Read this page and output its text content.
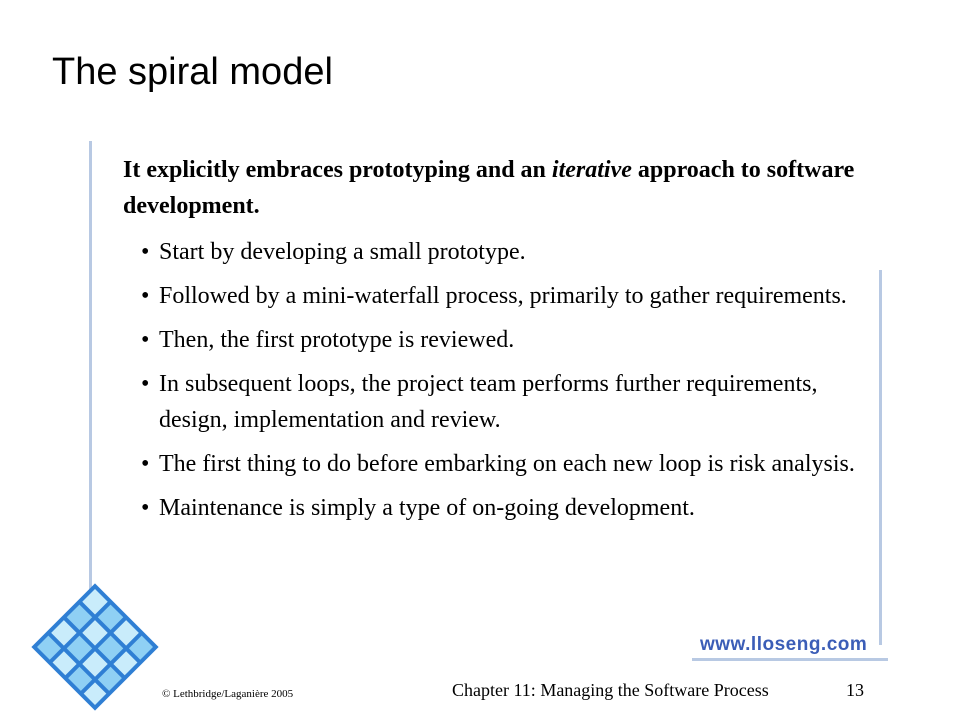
The spiral model

It explicitly embraces prototyping and an iterative approach to software development.

• Start by developing a small prototype.
• Followed by a mini-waterfall process, primarily to gather requirements.
• Then, the first prototype is reviewed.
• In subsequent loops, the project team performs further requirements, design, implementation and review.
• The first thing to do before embarking on each new loop is risk analysis.
• Maintenance is simply a type of on-going development.
www.lloseng.com
© Lethbridge/Laganière 2005	Chapter 11: Managing the Software Process	13
